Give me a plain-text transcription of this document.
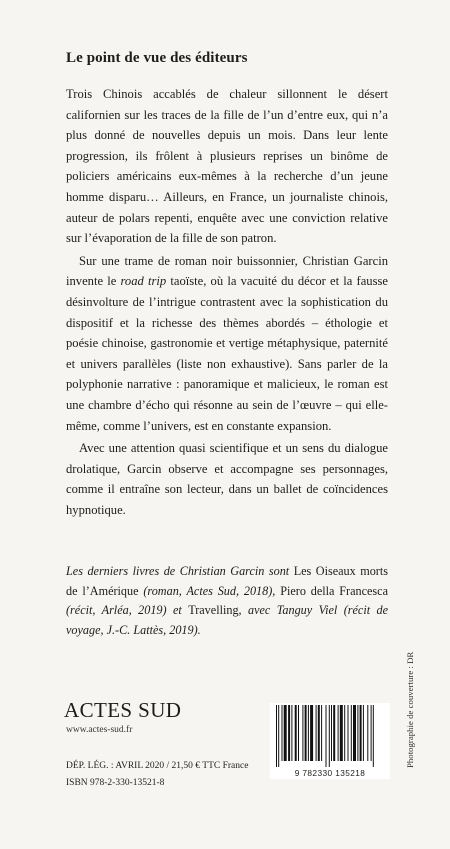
Le point de vue des éditeurs

Trois Chinois accablés de chaleur sillonnent le désert californien sur les traces de la fille de l’un d’entre eux, qui n’a plus donné de nouvelles depuis un mois. Dans leur lente progression, ils frôlent à plusieurs reprises un binôme de policiers américains eux-mêmes à la recherche d’un jeune homme disparu… Ailleurs, en France, un journaliste chinois, auteur de polars repenti, enquête avec une conviction relative sur l’évaporation de la fille de son patron.

Sur une trame de roman noir buissonnier, Christian Garcin invente le road trip taoïste, où la vacuité du décor et la fausse désinvolture de l’intrigue contrastent avec la sophistication du dispositif et la richesse des thèmes abordés – éthologie et poésie chinoise, gastronomie et vertige métaphysique, paternité et univers parallèles (liste non exhaustive). Sans parler de la polyphonie narrative : panoramique et malicieux, le roman est une chambre d’écho qui résonne au sein de l’œuvre – qui elle-même, comme l’univers, est en constante expansion.

Avec une attention quasi scientifique et un sens du dialogue drolatique, Garcin observe et accompagne ses personnages, comme il entraîne son lecteur, dans un ballet de coïncidences hypnotique.

Les derniers livres de Christian Garcin sont Les Oiseaux morts de l’Amérique (roman, Actes Sud, 2018), Piero della Francesca (récit, Arléa, 2019) et Travelling, avec Tanguy Viel (récit de voyage, J.-C. Lattès, 2019).
ACTES SUD
www.actes-sud.fr
DÉP. LÉG. : AVRIL 2020 / 21,50 € TTC France
ISBN 978-2-330-13521-8
9 782330 135218
Photographie de couverture : DR
